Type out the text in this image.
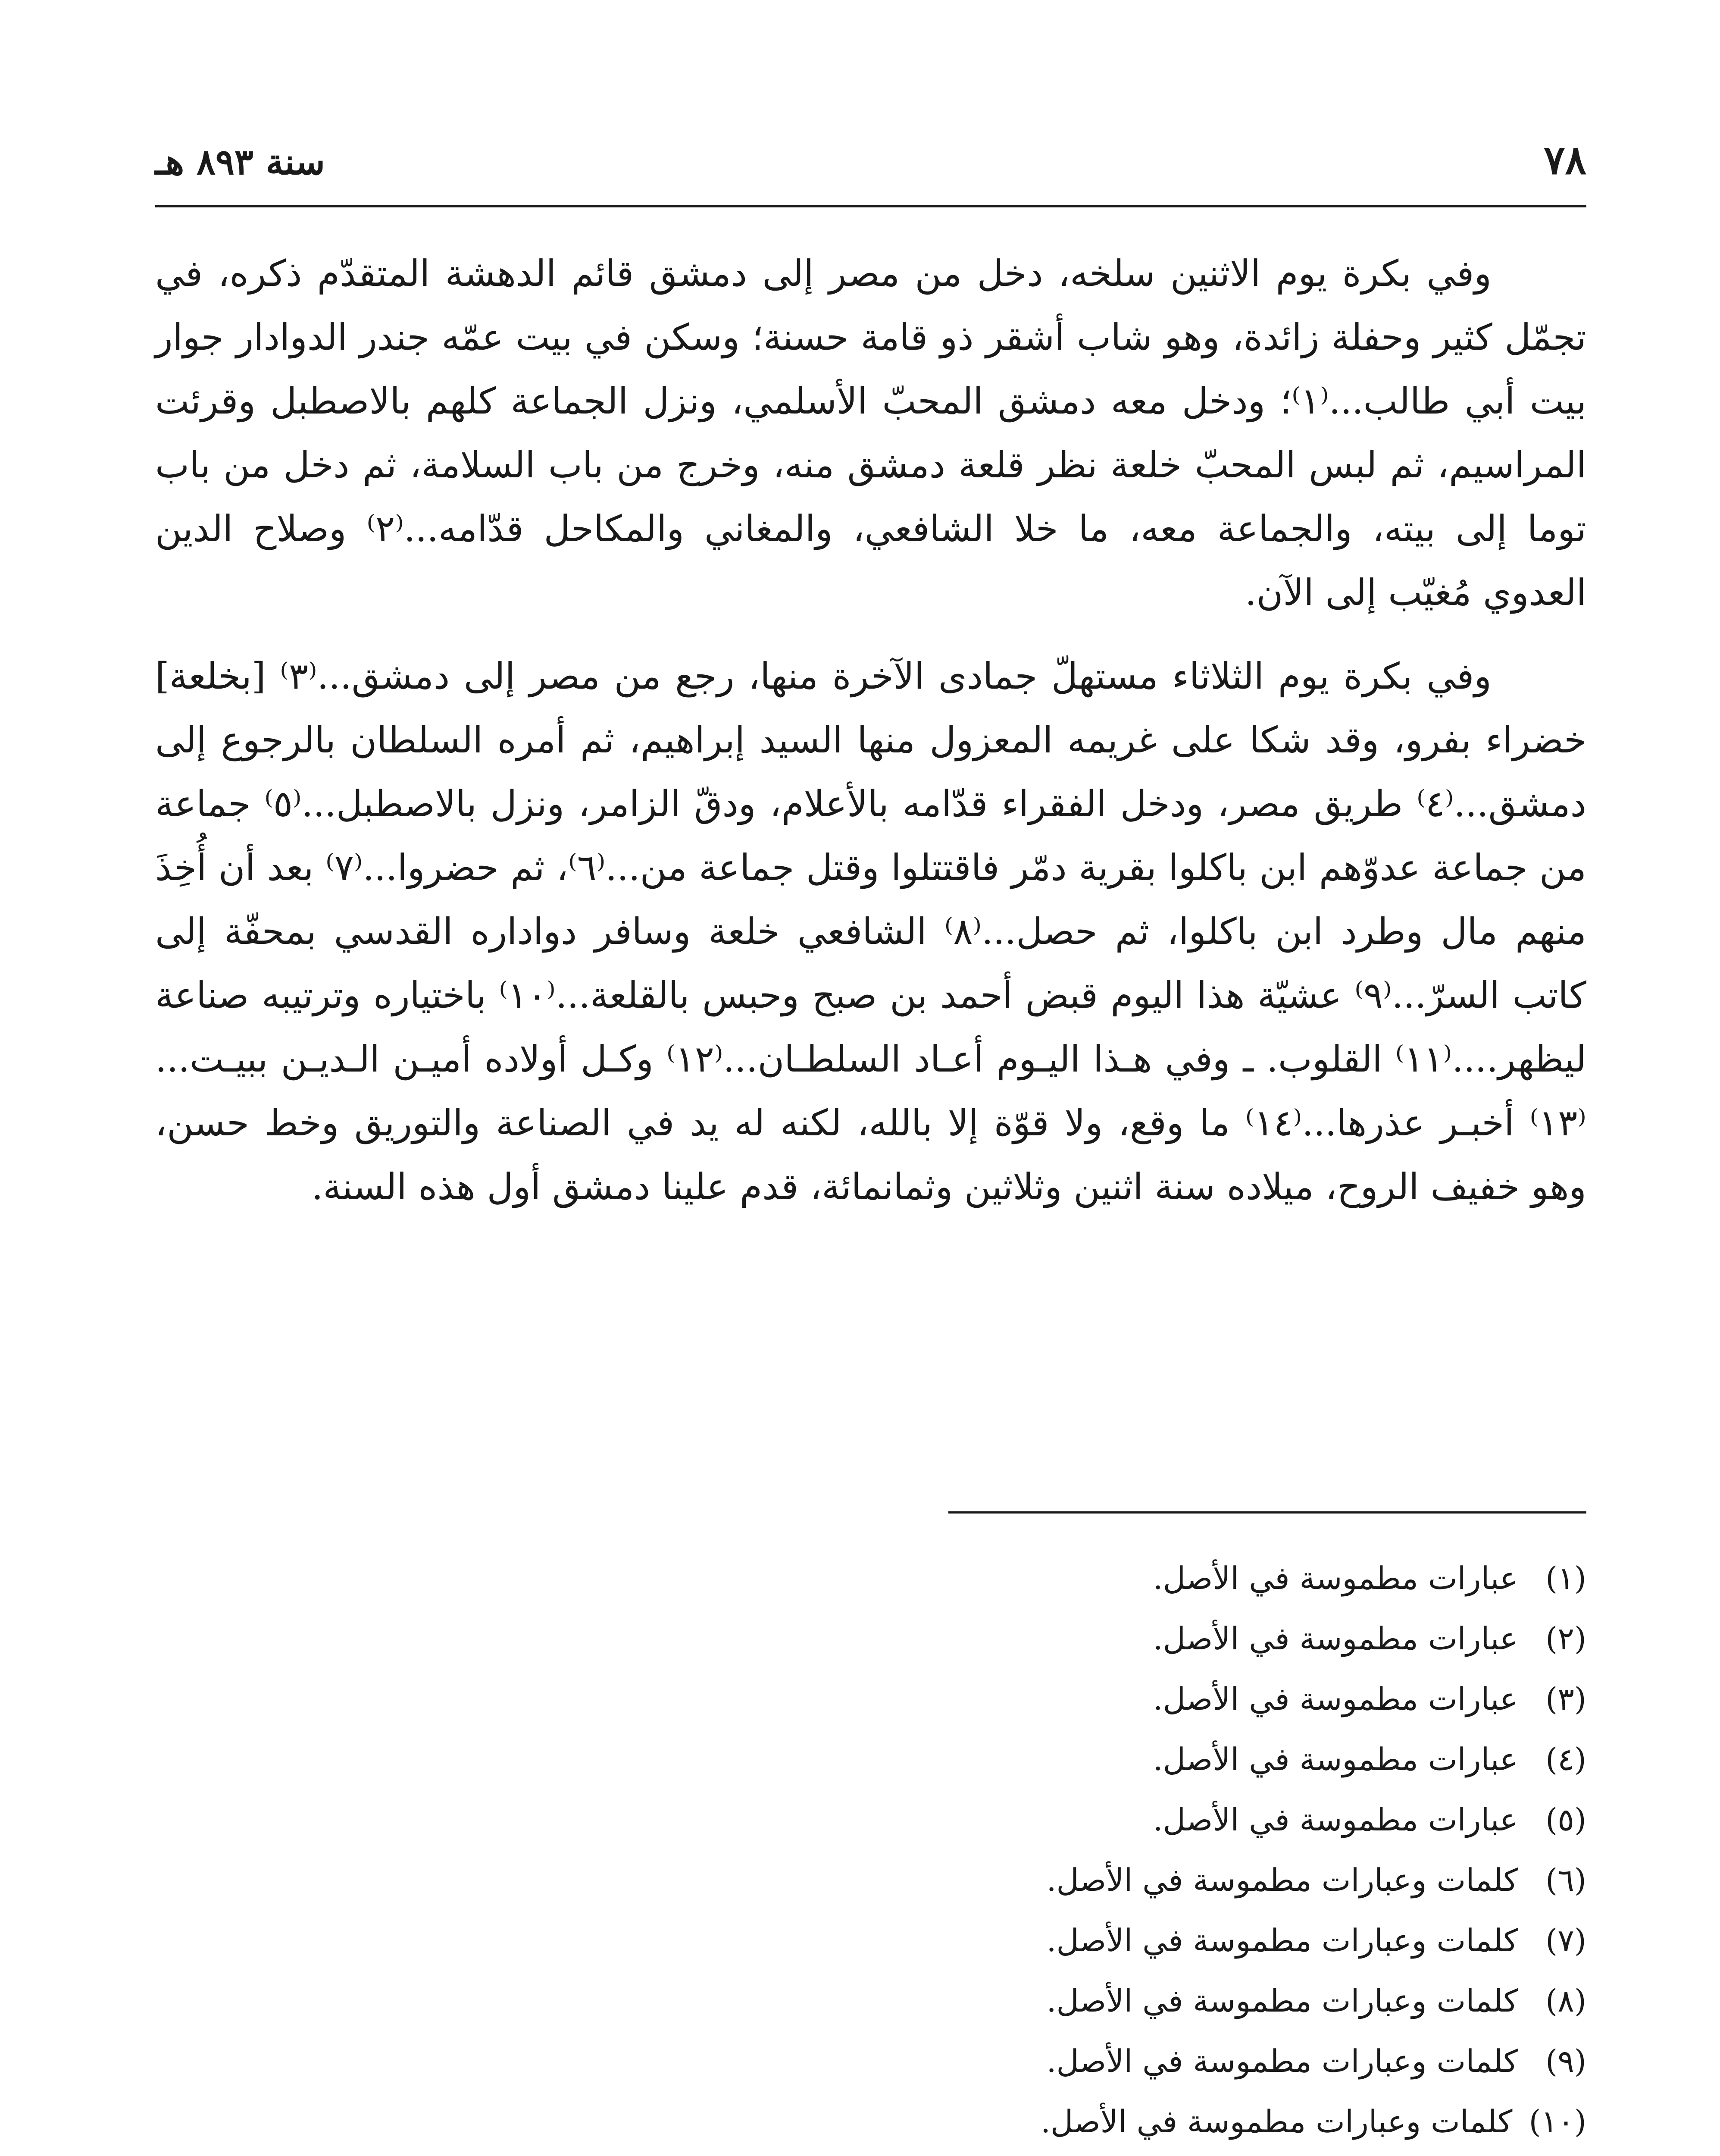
٧٨
سنة ٨٩٣ هـ

وفي بكرة يوم الاثنين سلخه، دخل من مصر إلى دمشق قائم الدهشة المتقدّم ذكره، في تجمّل كثير وحفلة زائدة، وهو شاب أشقر ذو قامة حسنة؛ وسكن في بيت عمّه جندر الدوادار جوار بيت أبي طالب...⁽١⁾؛ ودخل معه دمشق المحبّ الأسلمي، ونزل الجماعة كلهم بالاصطبل وقرئت المراسيم، ثم لبس المحبّ خلعة نظر قلعة دمشق منه، وخرج من باب السلامة، ثم دخل من باب توما إلى بيته، والجماعة معه، ما خلا الشافعي، والمغاني والمكاحل قدّامه...⁽٢⁾ وصلاح الدين العدوي مُغيّب إلى الآن.

وفي بكرة يوم الثلاثاء مستهلّ جمادى الآخرة منها، رجع من مصر إلى دمشق...⁽٣⁾ [بخلعة] خضراء بفرو، وقد شكا على غريمه المعزول منها السيد إبراهيم، ثم أمره السلطان بالرجوع إلى دمشق...⁽٤⁾ طريق مصر، ودخل الفقراء قدّامه بالأعلام، ودقّ الزامر، ونزل بالاصطبل...⁽٥⁾ جماعة من جماعة عدوّهم ابن باكلوا بقرية دمّر فاقتتلوا وقتل جماعة من...⁽٦⁾، ثم حضروا...⁽٧⁾ بعد أن أُخِذَ منهم مال وطرد ابن باكلوا، ثم حصل...⁽٨⁾ الشافعي خلعة وسافر دواداره القدسي بمحفّة إلى كاتب السرّ...⁽٩⁾ عشيّة هذا اليوم قبض أحمد بن صبح وحبس بالقلعة...⁽١٠⁾ باختياره وترتيبه صناعة ليظهر....⁽١١⁾ القلوب. ـ وفي هـذا اليـوم أعـاد السلطـان...⁽١٢⁾ وكـل أولاده أميـن الـديـن ببيـت...⁽١٣⁾ أخبـر عذرها...⁽١٤⁾ ما وقع، ولا قوّة إلا بالله، لكنه له يد في الصناعة والتوريق وخط حسن، وهو خفيف الروح، ميلاده سنة اثنين وثلاثين وثمانمائة، قدم علينا دمشق أول هذه السنة.

(١)
عبارات مطموسة في الأصل.
(٢)
عبارات مطموسة في الأصل.
(٣)
عبارات مطموسة في الأصل.
(٤)
عبارات مطموسة في الأصل.
(٥)
عبارات مطموسة في الأصل.
(٦)
كلمات وعبارات مطموسة في الأصل.
(٧)
كلمات وعبارات مطموسة في الأصل.
(٨)
كلمات وعبارات مطموسة في الأصل.
(٩)
كلمات وعبارات مطموسة في الأصل.
(١٠)
كلمات وعبارات مطموسة في الأصل.
